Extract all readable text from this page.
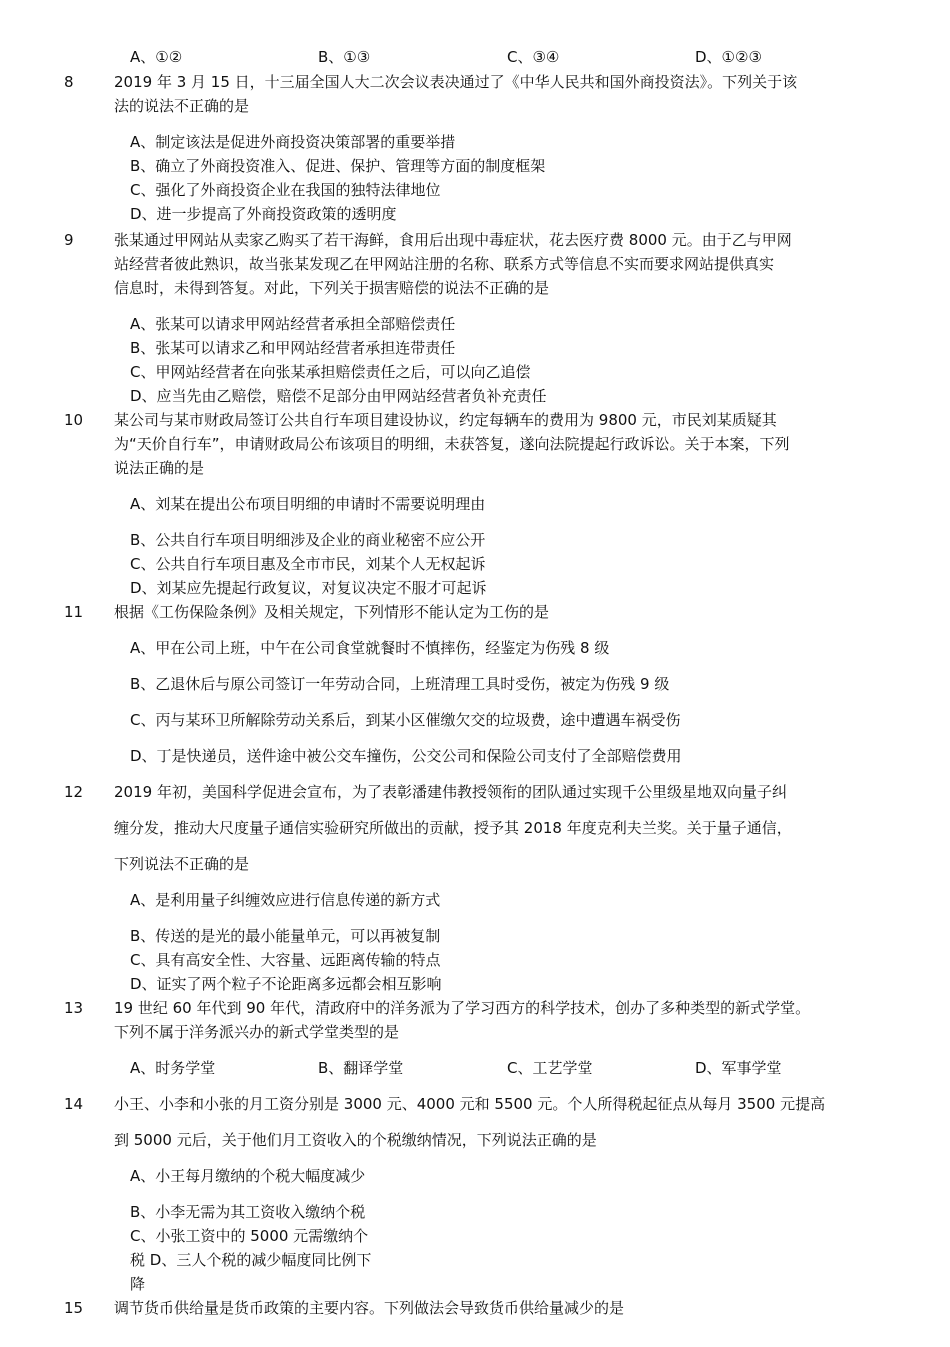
A、①②	B、①③	C、③④	D、①②③
8	2019 年 3 月 15 日，十三届全国人大二次会议表决通过了《中华人民共和国外商投资法》。下列关于该
法的说法不正确的是
A、制定该法是促进外商投资决策部署的重要举措
B、确立了外商投资准入、促进、保护、管理等方面的制度框架
C、强化了外商投资企业在我国的独特法律地位
D、进一步提高了外商投资政策的透明度
9	张某通过甲网站从卖家乙购买了若干海鲜，食用后出现中毒症状，花去医疗费 8000 元。由于乙与甲网
站经营者彼此熟识，故当张某发现乙在甲网站注册的名称、联系方式等信息不实而要求网站提供真实
信息时，未得到答复。对此，下列关于损害赔偿的说法不正确的是
A、张某可以请求甲网站经营者承担全部赔偿责任
B、张某可以请求乙和甲网站经营者承担连带责任
C、甲网站经营者在向张某承担赔偿责任之后，可以向乙追偿
D、应当先由乙赔偿，赔偿不足部分由甲网站经营者负补充责任
10 某公司与某市财政局签订公共自行车项目建设协议，约定每辆车的费用为 9800 元，市民刘某质疑其
为“天价自行车”，申请财政局公布该项目的明细，未获答复，遂向法院提起行政诉讼。关于本案，下列
说法正确的是
A、刘某在提出公布项目明细的申请时不需要说明理由
B、公共自行车项目明细涉及企业的商业秘密不应公开
C、公共自行车项目惠及全市市民，刘某个人无权起诉
D、刘某应先提起行政复议，对复议决定不服才可起诉
11 根据《工伤保险条例》及相关规定，下列情形不能认定为工伤的是
A、甲在公司上班，中午在公司食堂就餐时不慎摔伤，经鉴定为伤残 8 级
B、乙退休后与原公司签订一年劳动合同，上班清理工具时受伤，被定为伤残 9 级
C、丙与某环卫所解除劳动关系后，到某小区催缴欠交的垃圾费，途中遭遇车祸受伤
D、丁是快递员，送件途中被公交车撞伤，公交公司和保险公司支付了全部赔偿费用
12 2019 年初，美国科学促进会宣布，为了表彰潘建伟教授领衔的团队通过实现千公里级星地双向量子纠
缠分发，推动大尺度量子通信实验研究所做出的贡献，授予其 2018 年度克利夫兰奖。关于量子通信，
下列说法不正确的是
A、是利用量子纠缠效应进行信息传递的新方式
B、传送的是光的最小能量单元，可以再被复制
C、具有高安全性、大容量、远距离传输的特点
D、证实了两个粒子不论距离多远都会相互影响
13 19 世纪 60 年代到 90 年代，清政府中的洋务派为了学习西方的科学技术，创办了多种类型的新式学堂。
下列不属于洋务派兴办的新式学堂类型的是
A、时务学堂	B、翻译学堂	C、工艺学堂	D、军事学堂
14 小王、小李和小张的月工资分别是 3000 元、4000 元和 5500 元。个人所得税起征点从每月 3500 元提高
到 5000 元后，关于他们月工资收入的个税缴纳情况，下列说法正确的是
A、小王每月缴纳的个税大幅度减少
B、小李无需为其工资收入缴纳个税
C、小张工资中的 5000 元需缴纳个
税 D、三人个税的减少幅度同比例下
降
15 调节货币供给量是货币政策的主要内容。下列做法会导致货币供给量减少的是
